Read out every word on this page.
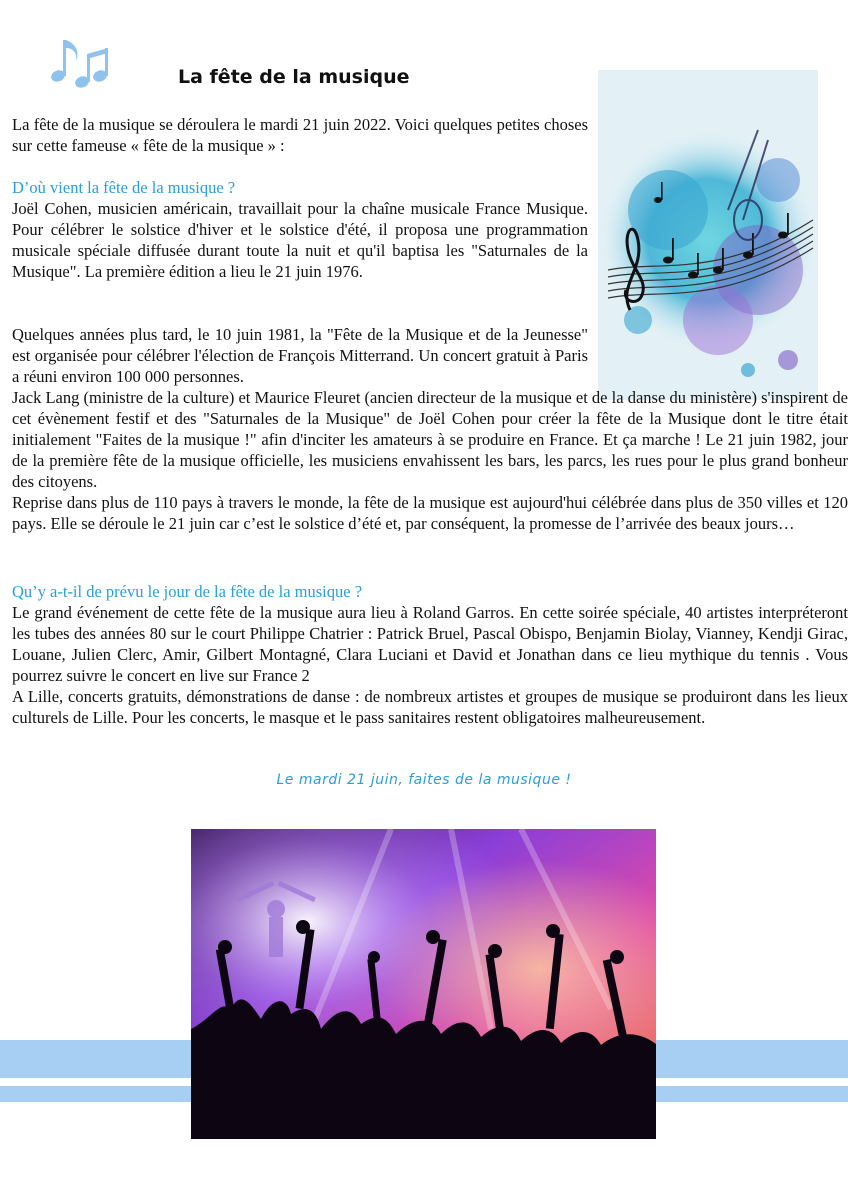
La fête de la musique

La fête de la musique se déroulera le mardi 21 juin 2022. Voici quelques petites choses sur cette fameuse « fête de la musique » :

D’où vient la fête de la musique ?

Joël Cohen, musicien américain, travaillait pour la chaîne musicale France Musique. Pour célébrer le solstice d'hiver et le solstice d'été, il proposa une programmation musicale spéciale diffusée durant toute la nuit et qu'il baptisa les "Saturnales de la Musique". La première édition a lieu le 21 juin 1976.

Quelques années plus tard, le 10 juin 1981, la "Fête de la Musique et de la Jeunesse" est organisée pour célébrer l'élection de François Mitterrand. Un concert gratuit à Paris a réuni environ 100 000 personnes.

Jack Lang (ministre de la culture) et Maurice Fleuret (ancien directeur de la musique et de la danse du ministère) s'inspirent de cet évènement festif et des "Saturnales de la Musique" de Joël Cohen pour créer la fête de la Musique dont le titre était initialement "Faites de la musique !" afin d'inciter les amateurs à se produire en France. Et ça marche ! Le 21 juin 1982, jour de la première fête de la musique officielle, les musiciens envahissent les bars, les parcs, les rues pour le plus grand bonheur des citoyens.

Reprise dans plus de 110 pays à travers le monde, la fête de la musique est aujourd'hui célébrée dans plus de 350 villes et 120 pays. Elle se déroule le 21 juin car c’est le solstice d’été et, par conséquent, la promesse de l’arrivée des beaux jours…

Qu’y a-t-il de prévu le jour de la fête de la musique ?

Le grand événement de cette fête de la musique aura lieu à Roland Garros. En cette soirée spéciale, 40 artistes interpréteront les tubes des années 80 sur le court Philippe Chatrier : Patrick Bruel, Pascal Obispo, Benjamin Biolay, Vianney, Kendji Girac, Louane, Julien Clerc, Amir, Gilbert Montagné, Clara Luciani et David et Jonathan dans ce lieu mythique du tennis . Vous pourrez suivre le concert en live sur France 2

A Lille, concerts gratuits, démonstrations de danse : de nombreux artistes et groupes de musique se produiront dans les lieux culturels de Lille. Pour les concerts, le masque et le pass sanitaires restent obligatoires malheureusement.

Le mardi 21 juin, faites de la musique !
